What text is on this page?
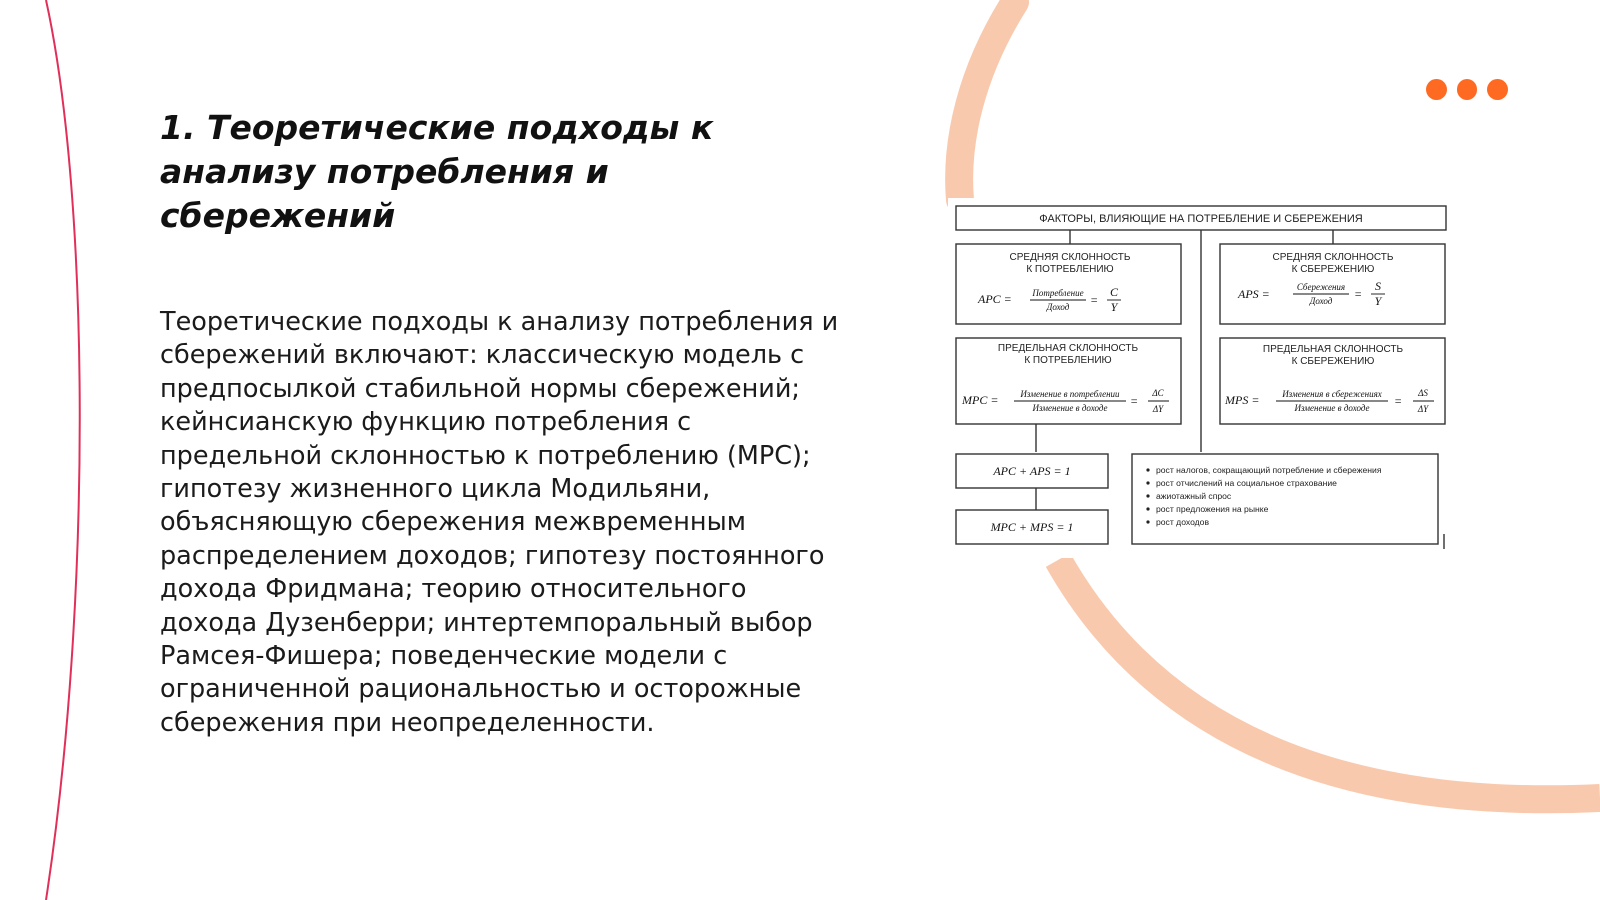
1. Теоретические подходы к анализу потребления и сбережений

Теоретические подходы к анализу потребления и сбережений включают: классическую модель с предпосылкой стабильной нормы сбережений; кейнсианскую функцию потребления с предельной склонностью к потреблению (MPC); гипотезу жизненного цикла Модильяни, объясняющую сбережения межвременным распределением доходов; гипотезу постоянного дохода Фридмана; теорию относительного дохода Дузенберри; интертемпоральный выбор Рамсея-Фишера; поведенческие модели с ограниченной рациональностью и осторожные сбережения при неопределенности.

ФАКТОРЫ, ВЛИЯЮЩИЕ НА ПОТРЕБЛЕНИЕ И СБЕРЕЖЕНИЯ
СРЕДНЯЯ СКЛОННОСТЬ
К ПОТРЕБЛЕНИЮ
APC = Потребление
Доход =
C
Y
СРЕДНЯЯ СКЛОННОСТЬ
К СБЕРЕЖЕНИЮ
APS =	Сбережения
Доход =
S
Y
ПРЕДЕЛЬНАЯ СКЛОННОСТЬ
К ПОТРЕБЛЕНИЮ
MPC = Изменение в потреблении
Изменение в доходе =
ΔC
ΔY
ПРЕДЕЛЬНАЯ СКЛОННОСТЬ
К СБЕРЕЖЕНИЮ
MPS =	Изменения в сбережениях
Изменение в доходе =
ΔS
ΔY
APC + APS = 1
MPC + MPS = 1
рост налогов, сокращающий потребление и сбережения
рост отчислений на социальное страхование
ажиотажный спрос
рост предложения на рынке
рост доходов
